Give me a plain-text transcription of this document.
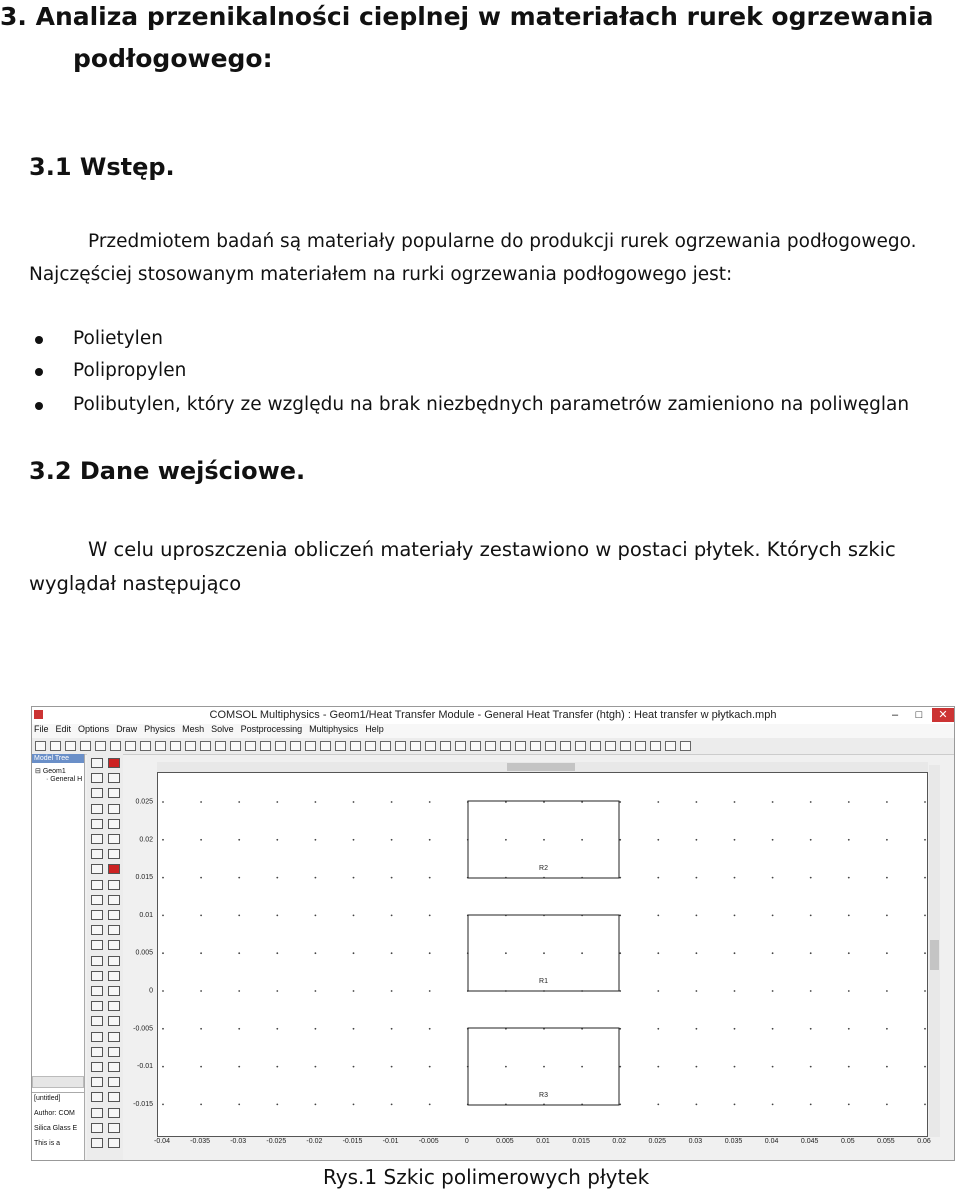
3. Analiza przenikalności cieplnej w materiałach rurek ogrzewania
podłogowego:
3.1 Wstęp.
Przedmiotem badań są materiały popularne do produkcji rurek ogrzewania podłogowego.
Najczęściej stosowanym materiałem na rurki ogrzewania podłogowego jest:
Polietylen
Polipropylen
Polibutylen, który ze względu na brak niezbędnych parametrów zamieniono na poliwęglan
3.2 Dane wejściowe.
W celu uproszczenia obliczeń materiały zestawiono w postaci płytek. Których szkic
wyglądał następująco
COMSOL Multiphysics - Geom1/Heat Transfer Module - General Heat Transfer (htgh) : Heat transfer w płytkach.mph	–	□	✕
File Edit Options Draw Physics Mesh Solve Postprocessing Multiphysics Help
Model Tree
⊟ Geom1
· General H
[untitled]
Author: COM
Silica Glass E
This is a
0.025
0.02
0.015
0.01
0.005
0
-0.005
-0.01
-0.015
-0.04	-0.035	-0.03	-0.025	-0.02	-0.015	-0.01	-0.005	0	0.005	0.01	0.015	0.02	0.025	0.03	0.035	0.04	0.045	0.05	0.055	0.06
R2
R1
R3
Rys.1 Szkic polimerowych płytek
